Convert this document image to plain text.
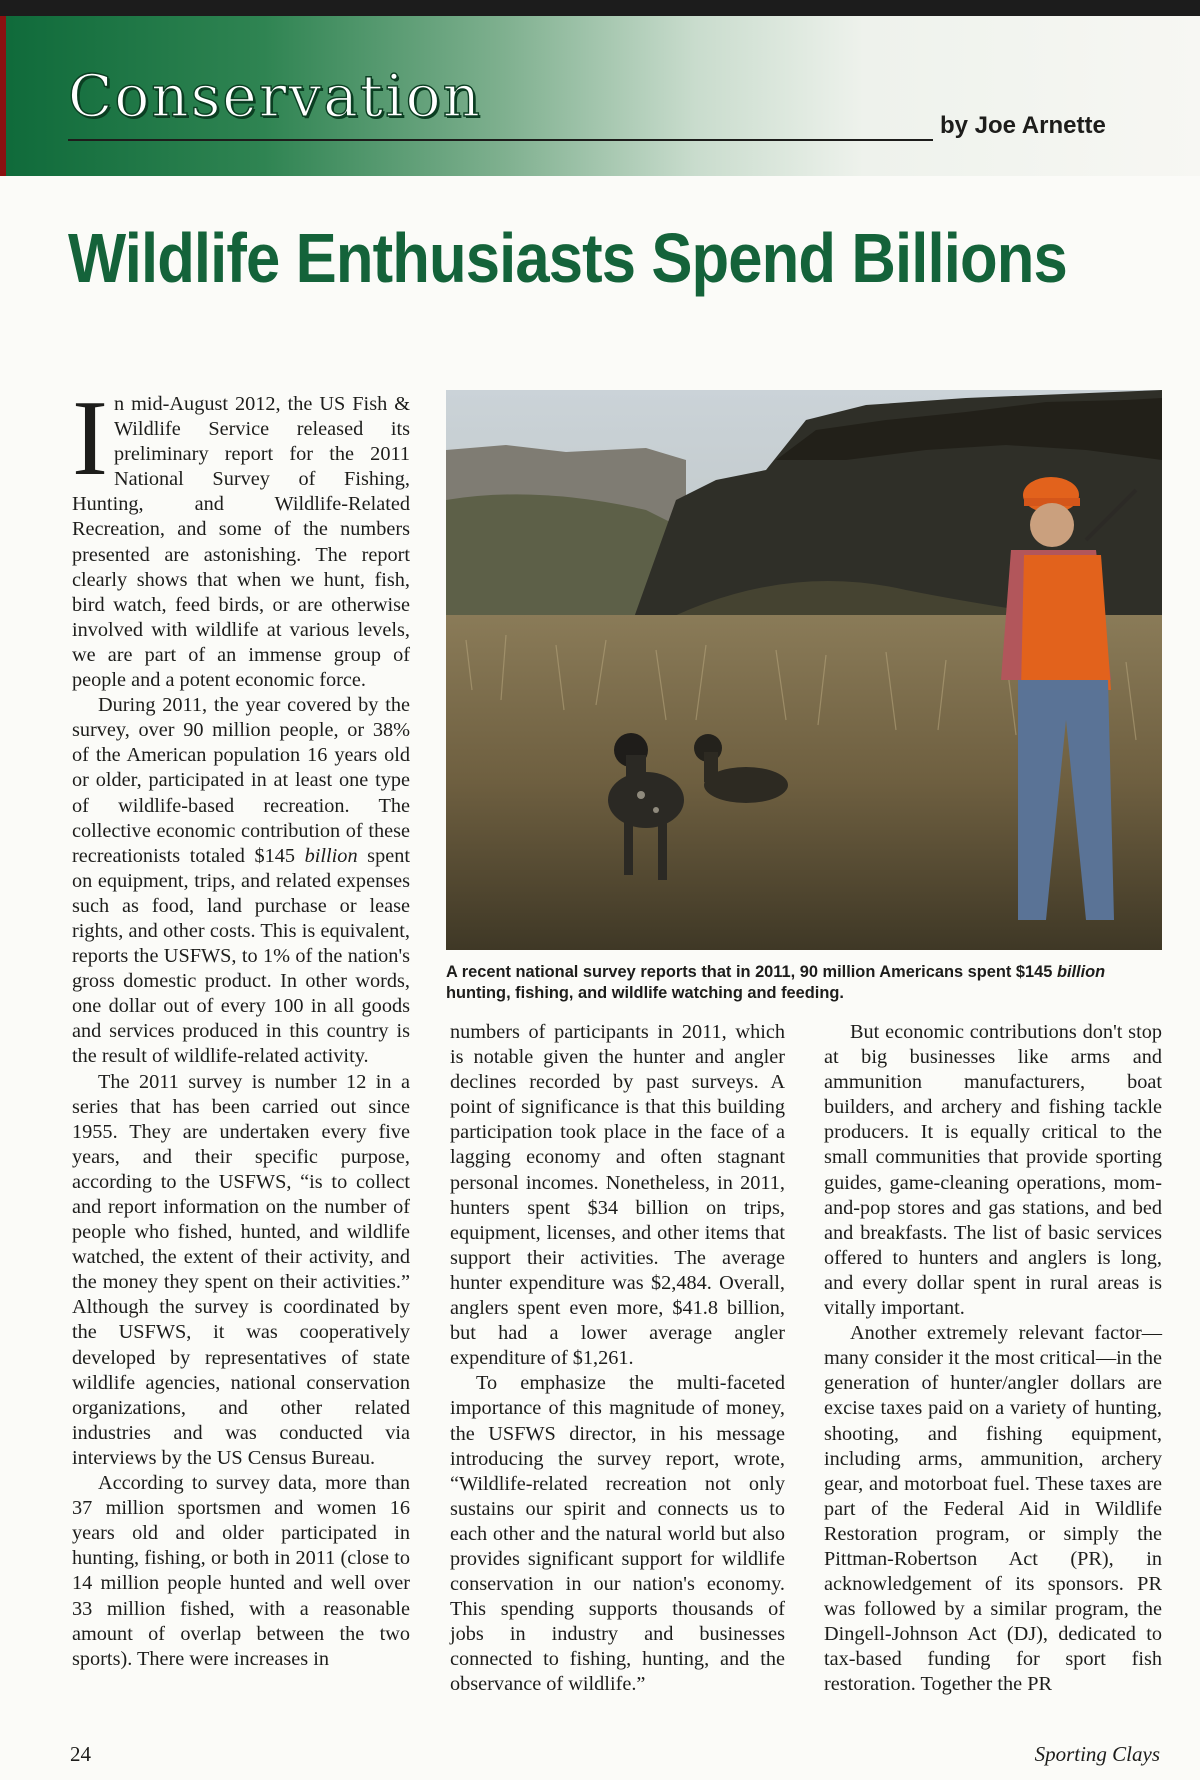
Conservation	by Joe Arnette

Wildlife Enthusiasts Spend Billions

In mid-August 2012, the US Fish & Wildlife Service released its preliminary report for the 2011 National Survey of Fishing, Hunting, and Wildlife-Related Recreation, and some of the numbers presented are astonishing. The report clearly shows that when we hunt, fish, bird watch, feed birds, or are otherwise involved with wildlife at various levels, we are part of an immense group of people and a potent economic force.

During 2011, the year covered by the survey, over 90 million people, or 38% of the American population 16 years old or older, participated in at least one type of wildlife-based recreation. The collective economic contribution of these recreationists totaled $145 billion spent on equipment, trips, and related expenses such as food, land purchase or lease rights, and other costs. This is equivalent, reports the USFWS, to 1% of the nation's gross domestic product. In other words, one dollar out of every 100 in all goods and services produced in this country is the result of wildlife-related activity.

The 2011 survey is number 12 in a series that has been carried out since 1955. They are undertaken every five years, and their specific purpose, according to the USFWS, “is to collect and report information on the number of people who fished, hunted, and wildlife watched, the extent of their activity, and the money they spent on their activities.” Although the survey is coordinated by the USFWS, it was cooperatively developed by representatives of state wildlife agencies, national conservation organizations, and other related industries and was conducted via interviews by the US Census Bureau.

According to survey data, more than 37 million sportsmen and women 16 years old and older participated in hunting, fishing, or both in 2011 (close to 14 million people hunted and well over 33 million fished, with a reasonable amount of overlap between the two sports). There were increases in

A recent national survey reports that in 2011, 90 million Americans spent $145 billion hunting, fishing, and wildlife watching and feeding.

numbers of participants in 2011, which is notable given the hunter and angler declines recorded by past surveys. A point of significance is that this building participation took place in the face of a lagging economy and often stagnant personal incomes. Nonetheless, in 2011, hunters spent $34 billion on trips, equipment, licenses, and other items that support their activities. The average hunter expenditure was $2,484. Overall, anglers spent even more, $41.8 billion, but had a lower average angler expenditure of $1,261.

To emphasize the multi-faceted importance of this magnitude of money, the USFWS director, in his message introducing the survey report, wrote, “Wildlife-related recreation not only sustains our spirit and connects us to each other and the natural world but also provides significant support for wildlife conservation in our nation's economy. This spending supports thousands of jobs in industry and businesses connected to fishing, hunting, and the observance of wildlife.”

But economic contributions don't stop at big businesses like arms and ammunition manufacturers, boat builders, and archery and fishing tackle producers. It is equally critical to the small communities that provide sporting guides, game-cleaning operations, mom-and-pop stores and gas stations, and bed and breakfasts. The list of basic services offered to hunters and anglers is long, and every dollar spent in rural areas is vitally important.

Another extremely relevant factor—many consider it the most critical—in the generation of hunter/angler dollars are excise taxes paid on a variety of hunting, shooting, and fishing equipment, including arms, ammunition, archery gear, and motorboat fuel. These taxes are part of the Federal Aid in Wildlife Restoration program, or simply the Pittman-Robertson Act (PR), in acknowledgement of its sponsors. PR was followed by a similar program, the Dingell-Johnson Act (DJ), dedicated to tax-based funding for sport fish restoration. Together the PR

24	Sporting Clays
